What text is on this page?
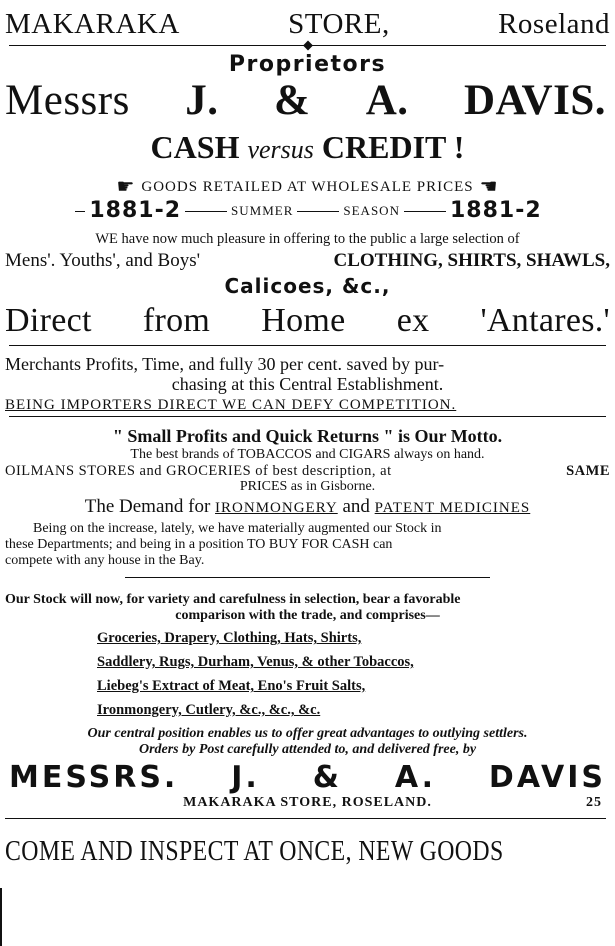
MAKARAKA	STORE,	Roseland
Proprietors
Messrs J. & A. DAVIS.
CASH versus CREDIT !
☛ GOODS RETAILED AT WHOLESALE PRICES ☚
1881-2	SUMMER	SEASON 1881-2
WE have now much pleasure in offering to the public a large selection of
Mens'. Youths', and Boys'	CLOTHING, SHIRTS, SHAWLS,
Calicoes, &c.,
Direct from Home ex 'Antares.'
Merchants Profits, Time, and fully 30 per cent. saved by pur-
chasing at this Central Establishment.
BEING IMPORTERS DIRECT WE CAN DEFY COMPETITION.
" Small Profits and Quick Returns " is Our Motto.
The best brands of TOBACCOS and CIGARS always on hand.
OILMANS STORES and GROCERIES of best description, at	SAME
PRICES as in Gisborne.
The Demand for IRONMONGERY and PATENT MEDICINES
Being on the increase, lately, we have materially augmented our Stock in
these Departments; and being in a position TO BUY FOR CASH can
compete with any house in the Bay.
Our Stock will now, for variety and carefulness in selection, bear a favorable
comparison with the trade, and comprises—
Groceries, Drapery, Clothing, Hats, Shirts,
Saddlery, Rugs, Durham, Venus, & other Tobaccos,
Liebeg's Extract of Meat, Eno's Fruit Salts,
Ironmongery, Cutlery, &c., &c., &c.
Our central position enables us to offer great advantages to outlying settlers.
Orders by Post carefully attended to, and delivered free, by
MESSRS. J. & A. DAVIS
MAKARAKA STORE, ROSELAND.	25
COME AND INSPECT AT ONCE, NEW GOODS
